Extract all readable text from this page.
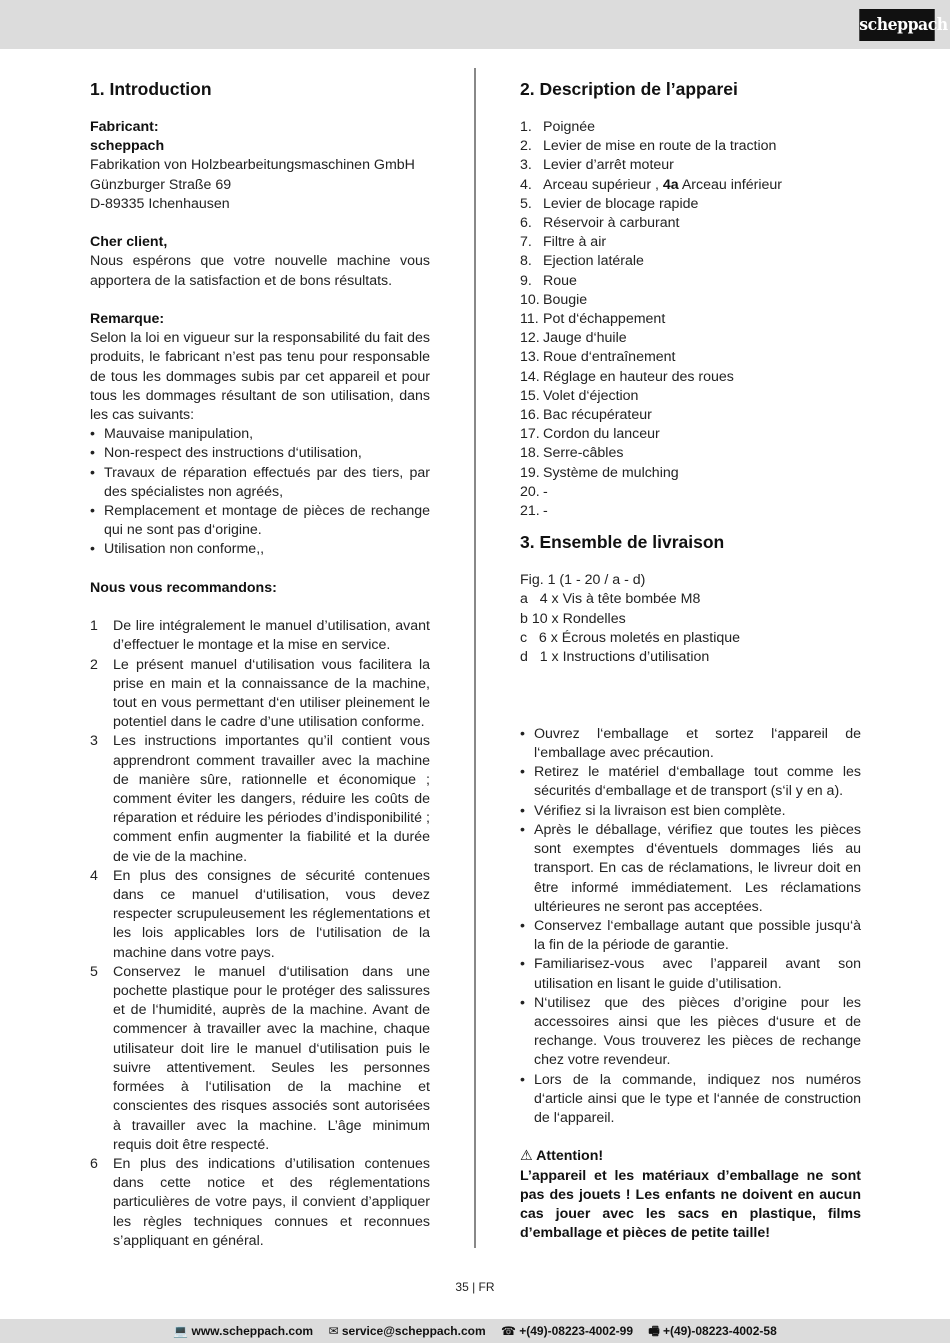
scheppach
1. Introduction
Fabricant:
scheppach
Fabrikation von Holzbearbeitungsmaschinen GmbH
Günzburger Straße 69
D-89335 Ichenhausen
Cher client,
Nous espérons que votre nouvelle machine vous apportera de la satisfaction et de bons résultats.
Remarque:
Selon la loi en vigueur sur la responsabilité du fait des produits, le fabricant n’est pas tenu pour responsable de tous les dommages subis par cet appareil et pour tous les dommages résultant de son utilisation, dans les cas suivants:
• Mauvaise manipulation,
• Non-respect des instructions d‘utilisation,
• Travaux de réparation effectués par des tiers, par des spécialistes non agréés,
• Remplacement et montage de pièces de rechange qui ne sont pas d‘origine.
• Utilisation non conforme,,
Nous vous recommandons:
1 De lire intégralement le manuel d’utilisation, avant d’effectuer le montage et la mise en service.
2 Le présent manuel d‘utilisation vous facilitera la prise en main et la connaissance de la machine, tout en vous permettant d‘en utiliser pleinement le potentiel dans le cadre d’une utilisation conforme.
3 Les instructions importantes qu’il contient vous apprendront comment travailler avec la machine de manière sûre, rationnelle et économique ; comment éviter les dangers, réduire les coûts de réparation et réduire les périodes d’indisponibilité ; comment enfin augmenter la fiabilité et la durée de vie de la machine.
4 En plus des consignes de sécurité contenues dans ce manuel d‘utilisation, vous devez respecter scrupuleusement les réglementations et les lois applicables lors de l‘utilisation de la machine dans votre pays.
5 Conservez le manuel d‘utilisation dans une pochette plastique pour le protéger des salissures et de l‘humidité, auprès de la machine. Avant de commencer à travailler avec la machine, chaque utilisateur doit lire le manuel d‘utilisation puis le suivre attentivement. Seules les personnes formées à l‘utilisation de la machine et conscientes des risques associés sont autorisées à travailler avec la machine. L’âge minimum requis doit être respecté.
6 En plus des indications d’utilisation contenues dans cette notice et des réglementations particulières de votre pays, il convient d’appliquer les règles techniques connues et reconnues s’appliquant en général.
2. Description de l’apparei
1. Poignée
2. Levier de mise en route de la traction
3. Levier d’arrêt moteur
4. Arceau supérieur , 4a Arceau inférieur
5. Levier de blocage rapide
6. Réservoir à carburant
7. Filtre à air
8. Ejection latérale
9. Roue
10. Bougie
11. Pot d‘échappement
12. Jauge d‘huile
13. Roue d‘entraînement
14. Réglage en hauteur des roues
15. Volet d‘éjection
16. Bac récupérateur
17. Cordon du lanceur
18. Serre-câbles
19. Système de mulching
20. -
21. -
3. Ensemble de livraison
Fig. 1 (1 - 20 / a - d)
a   4 x Vis à tête bombée M8
b 10 x Rondelles
c   6 x Écrous moletés en plastique
d   1 x Instructions d’utilisation
• Ouvrez l‘emballage et sortez l‘appareil de l‘emballage avec précaution.
• Retirez le matériel d‘emballage tout comme les sécurités d‘emballage et de transport (s‘il y en a).
• Vérifiez si la livraison est bien complète.
• Après le déballage, vérifiez que toutes les pièces sont exemptes d‘éventuels dommages liés au transport. En cas de réclamations, le livreur doit en être informé immédiatement. Les réclamations ultérieures ne seront pas acceptées.
• Conservez l‘emballage autant que possible jusqu‘à la fin de la période de garantie.
• Familiarisez-vous avec l’appareil avant son utilisation en lisant le guide d’utilisation.
• N‘utilisez que des pièces d’origine pour les accessoires ainsi que les pièces d‘usure et de rechange. Vous trouverez les pièces de rechange chez votre revendeur.
• Lors de la commande, indiquez nos numéros d‘article ainsi que le type et l‘année de construction de l‘appareil.
⚠ Attention!
L’appareil et les matériaux d’emballage ne sont pas des jouets ! Les enfants ne doivent en aucun cas jouer avec les sacs en plastique, films d’emballage et pièces de petite taille!
35 | FR
💻 www.scheppach.com ✉ service@scheppach.com ☎ +(49)-08223-4002-99 🖷 +(49)-08223-4002-58
